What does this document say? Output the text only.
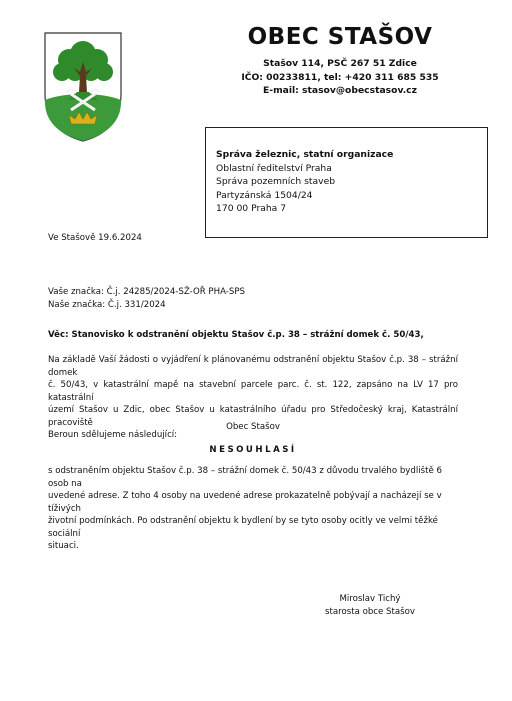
OBEC STAŠOV
Stašov 114, PSČ 267 51 Zdice
IČO: 00233811, tel: +420 311 685 535
E-mail: stasov@obecstasov.cz
Správa železnic, statní organizace
Oblastní ředitelství Praha
Správa pozemních staveb
Partyzánská 1504/24
170 00 Praha 7
Ve Stašově 19.6.2024
Vaše značka: Č.j. 24285/2024-SŽ-OŘ PHA-SPS
Naše značka: Č.j. 331/2024
Věc: Stanovisko k odstranění objektu Stašov č.p. 38 – strážní domek č. 50/43,
Na základě Vaší žádosti o vyjádření k plánovanému odstranění objektu Stašov č.p. 38 – strážní domek
č. 50/43, v katastrální mapě na stavební parcele parc. č. st. 122, zapsáno na LV 17 pro katastrální
území Stašov u Zdic, obec Stašov u katastrálního úřadu pro Středočeský kraj, Katastrální pracoviště
Beroun sdělujeme následující:
Obec Stašov
NESOUHLASÍ
s odstraněním objektu Stašov č.p. 38 – strážní domek č. 50/43 z důvodu trvalého bydliště 6 osob na
uvedené adrese. Z toho 4 osoby na uvedené adrese prokazatelně pobývají a nacházejí se v tíživých
životní podmínkách. Po odstranění objektu k bydlení by se tyto osoby ocitly ve velmi těžké sociální
situaci.
Miroslav Tichý
starosta obce Stašov
